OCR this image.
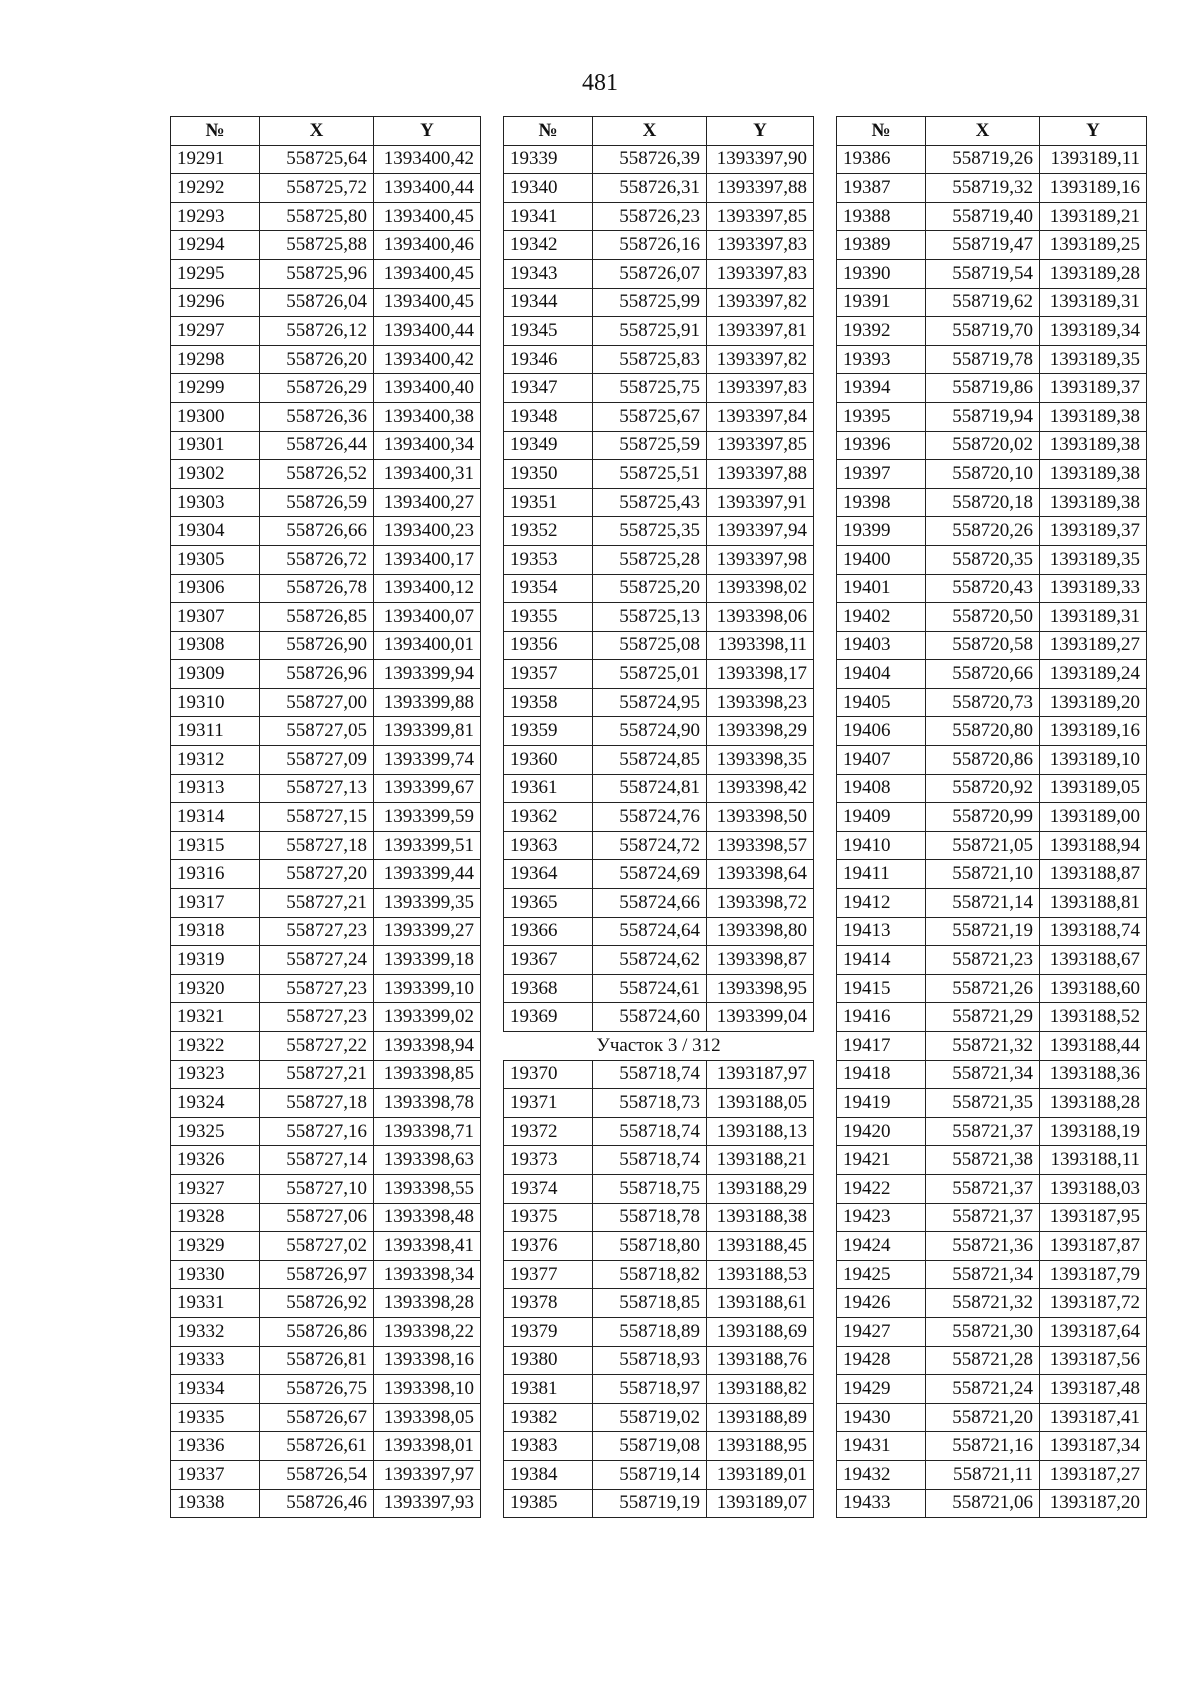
481
№	X	Y
19291	558725,64	1393400,42
19292	558725,72	1393400,44
19293	558725,80	1393400,45
19294	558725,88	1393400,46
19295	558725,96	1393400,45
19296	558726,04	1393400,45
19297	558726,12	1393400,44
19298	558726,20	1393400,42
19299	558726,29	1393400,40
19300	558726,36	1393400,38
19301	558726,44	1393400,34
19302	558726,52	1393400,31
19303	558726,59	1393400,27
19304	558726,66	1393400,23
19305	558726,72	1393400,17
19306	558726,78	1393400,12
19307	558726,85	1393400,07
19308	558726,90	1393400,01
19309	558726,96	1393399,94
19310	558727,00	1393399,88
19311	558727,05	1393399,81
19312	558727,09	1393399,74
19313	558727,13	1393399,67
19314	558727,15	1393399,59
19315	558727,18	1393399,51
19316	558727,20	1393399,44
19317	558727,21	1393399,35
19318	558727,23	1393399,27
19319	558727,24	1393399,18
19320	558727,23	1393399,10
19321	558727,23	1393399,02
19322	558727,22	1393398,94
19323	558727,21	1393398,85
19324	558727,18	1393398,78
19325	558727,16	1393398,71
19326	558727,14	1393398,63
19327	558727,10	1393398,55
19328	558727,06	1393398,48
19329	558727,02	1393398,41
19330	558726,97	1393398,34
19331	558726,92	1393398,28
19332	558726,86	1393398,22
19333	558726,81	1393398,16
19334	558726,75	1393398,10
19335	558726,67	1393398,05
19336	558726,61	1393398,01
19337	558726,54	1393397,97
19338	558726,46	1393397,93
№	X	Y
19339	558726,39	1393397,90
19340	558726,31	1393397,88
19341	558726,23	1393397,85
19342	558726,16	1393397,83
19343	558726,07	1393397,83
19344	558725,99	1393397,82
19345	558725,91	1393397,81
19346	558725,83	1393397,82
19347	558725,75	1393397,83
19348	558725,67	1393397,84
19349	558725,59	1393397,85
19350	558725,51	1393397,88
19351	558725,43	1393397,91
19352	558725,35	1393397,94
19353	558725,28	1393397,98
19354	558725,20	1393398,02
19355	558725,13	1393398,06
19356	558725,08	1393398,11
19357	558725,01	1393398,17
19358	558724,95	1393398,23
19359	558724,90	1393398,29
19360	558724,85	1393398,35
19361	558724,81	1393398,42
19362	558724,76	1393398,50
19363	558724,72	1393398,57
19364	558724,69	1393398,64
19365	558724,66	1393398,72
19366	558724,64	1393398,80
19367	558724,62	1393398,87
19368	558724,61	1393398,95
19369	558724,60	1393399,04
Участок 3 / 312		
19370	558718,74	1393187,97
19371	558718,73	1393188,05
19372	558718,74	1393188,13
19373	558718,74	1393188,21
19374	558718,75	1393188,29
19375	558718,78	1393188,38
19376	558718,80	1393188,45
19377	558718,82	1393188,53
19378	558718,85	1393188,61
19379	558718,89	1393188,69
19380	558718,93	1393188,76
19381	558718,97	1393188,82
19382	558719,02	1393188,89
19383	558719,08	1393188,95
19384	558719,14	1393189,01
19385	558719,19	1393189,07
№	X	Y
19386	558719,26	1393189,11
19387	558719,32	1393189,16
19388	558719,40	1393189,21
19389	558719,47	1393189,25
19390	558719,54	1393189,28
19391	558719,62	1393189,31
19392	558719,70	1393189,34
19393	558719,78	1393189,35
19394	558719,86	1393189,37
19395	558719,94	1393189,38
19396	558720,02	1393189,38
19397	558720,10	1393189,38
19398	558720,18	1393189,38
19399	558720,26	1393189,37
19400	558720,35	1393189,35
19401	558720,43	1393189,33
19402	558720,50	1393189,31
19403	558720,58	1393189,27
19404	558720,66	1393189,24
19405	558720,73	1393189,20
19406	558720,80	1393189,16
19407	558720,86	1393189,10
19408	558720,92	1393189,05
19409	558720,99	1393189,00
19410	558721,05	1393188,94
19411	558721,10	1393188,87
19412	558721,14	1393188,81
19413	558721,19	1393188,74
19414	558721,23	1393188,67
19415	558721,26	1393188,60
19416	558721,29	1393188,52
19417	558721,32	1393188,44
19418	558721,34	1393188,36
19419	558721,35	1393188,28
19420	558721,37	1393188,19
19421	558721,38	1393188,11
19422	558721,37	1393188,03
19423	558721,37	1393187,95
19424	558721,36	1393187,87
19425	558721,34	1393187,79
19426	558721,32	1393187,72
19427	558721,30	1393187,64
19428	558721,28	1393187,56
19429	558721,24	1393187,48
19430	558721,20	1393187,41
19431	558721,16	1393187,34
19432	558721,11	1393187,27
19433	558721,06	1393187,20
